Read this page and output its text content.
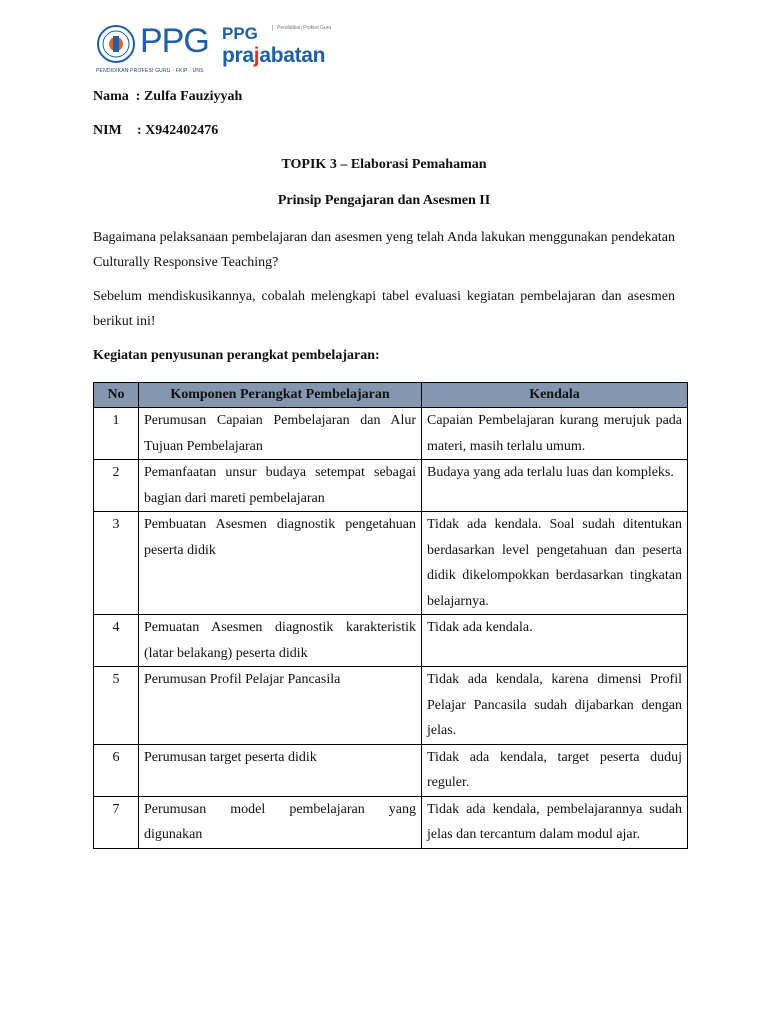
PPG
PENDIDIKAN PROFESI GURU · FKIP · UNS
PPG	Pendidikan Profesi Guru
prajabatan
Nama : Zulfa Fauziyyah
NIM : X942402476
TOPIK 3 – Elaborasi Pemahaman
Prinsip Pengajaran dan Asesmen II
Bagaimana pelaksanaan pembelajaran dan asesmen yeng telah Anda lakukan menggunakan pendekatan Culturally Responsive Teaching?
Sebelum mendiskusikannya, cobalah melengkapi tabel evaluasi kegiatan pembelajaran dan asesmen berikut ini!
Kegiatan penyusunan perangkat pembelajaran:
No	Komponen Perangkat Pembelajaran	Kendala
1	Perumusan Capaian Pembelajaran dan Alur Tujuan Pembelajaran	Capaian Pembelajaran kurang merujuk pada materi, masih terlalu umum.
2	Pemanfaatan unsur budaya setempat sebagai bagian dari mareti pembelajaran	Budaya yang ada terlalu luas dan kompleks.
3	Pembuatan Asesmen diagnostik pengetahuan peserta didik	Tidak ada kendala. Soal sudah ditentukan berdasarkan level pengetahuan dan peserta didik dikelompokkan berdasarkan tingkatan belajarnya.
4	Pemuatan Asesmen diagnostik karakteristik (latar belakang) peserta didik	Tidak ada kendala.
5	Perumusan Profil Pelajar Pancasila	Tidak ada kendala, karena dimensi Profil Pelajar Pancasila sudah dijabarkan dengan jelas.
6	Perumusan target peserta didik	Tidak ada kendala, target peserta duduj reguler.
7	Perumusan model pembelajaran yang digunakan	Tidak ada kendala, pembelajarannya sudah jelas dan tercantum dalam modul ajar.
